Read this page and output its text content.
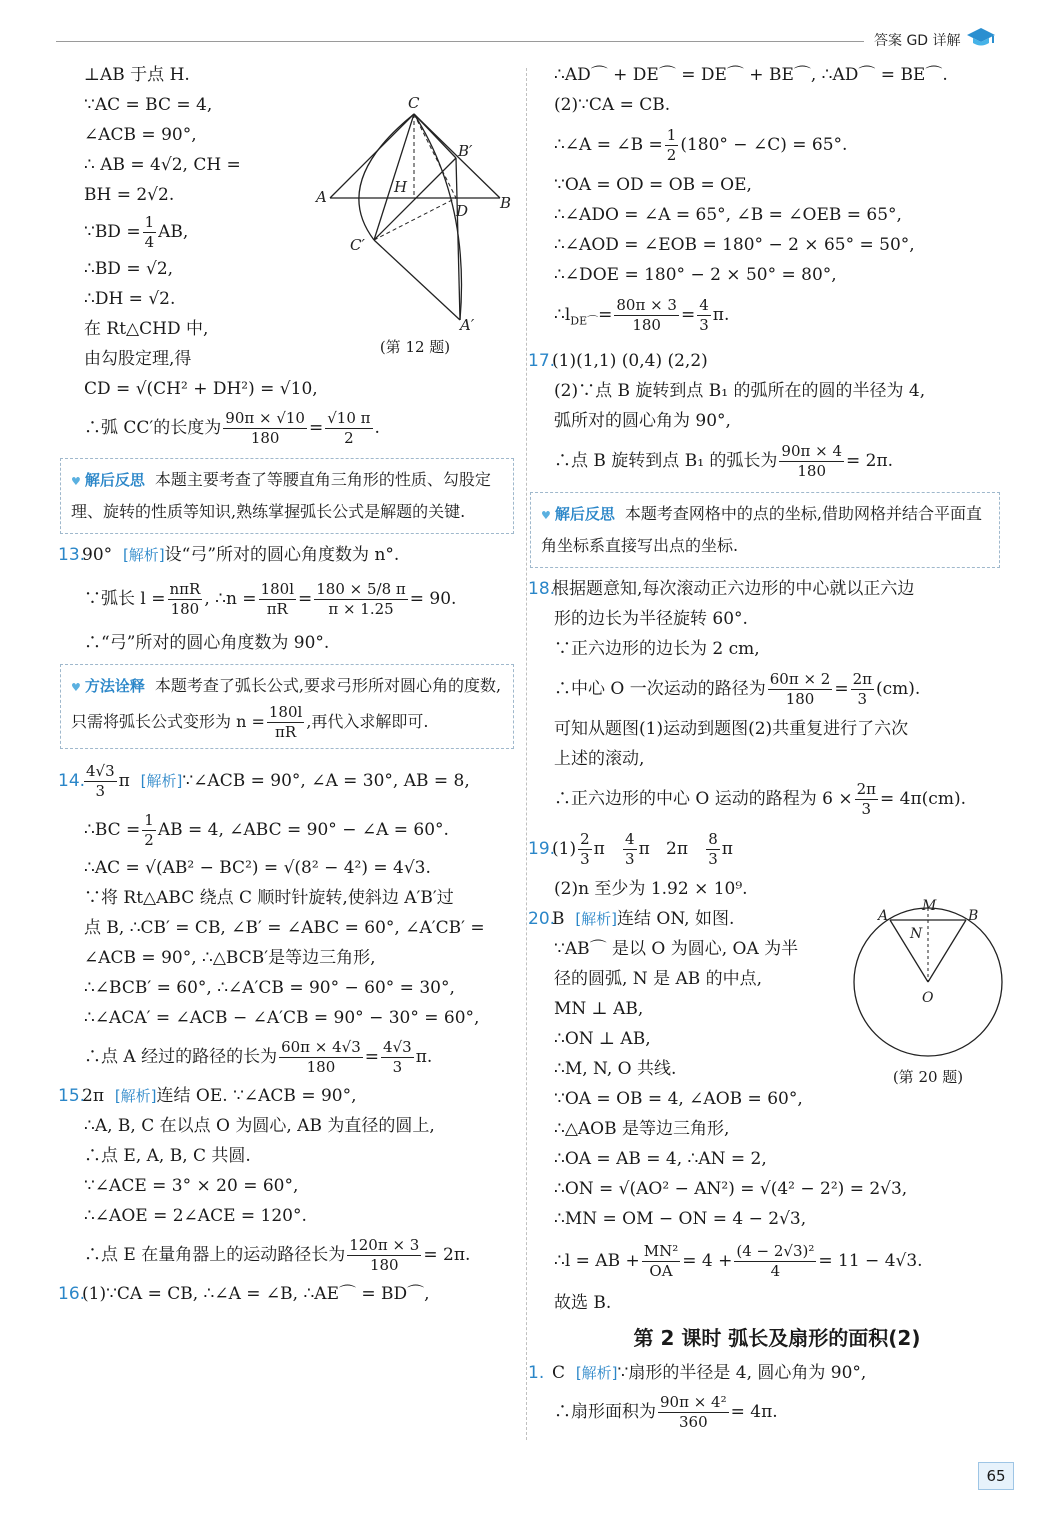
答案 GD 详解
⊥AB 于点 H.
∵AC = BC = 4,
∠ACB = 90°,
∴ AB = 4√2, CH =
BH = 2√2.
∵BD = $\frac{1}{4}$ AB,
∴BD = √2,
∴DH = √2.
在 Rt△CHD 中,
由勾股定理,得
CD = √(CH² + DH²) = √10,
∴弧 CC′的长度为 $\frac{90\pi \times √10}{180} = \frac{√10 \pi}{2}$ .
♥ 解后反思 本题主要考查了等腰直角三角形的性质、勾股定理、旋转的性质等知识,熟练掌握弧长公式是解题的关键.
13.90° [解析]设“弓”所对的圆心角度数为 n°.
∵弧长 $l = \frac{\text{nπR}}{180}$ , ∴n = $\frac{180l}{\pi R} = \frac{180 \times 5/8 \pi}{\pi \times 1.25} = 90$.
∴“弓”所对的圆心角度数为 90°.
♥ 方法诠释 本题考查了弧长公式,要求弓形所对圆心角的度数,只需将弧长公式变形为 $n = \frac{180l}{\pi R}$ ,再代入求解即可.
14.
$\frac{4√3}{3}$ π [解析]∵∠ACB = 90°, ∠A = 30°, AB = 8,
∴BC = $\frac{1}{2}$ AB = 4, ∠ABC = 90° − ∠A = 60°.
∴AC = √(AB² − BC²) = √(8² − 4²) = 4√3.
∵将 Rt△ABC 绕点 C 顺时针旋转,使斜边 A′B′过
点 B, ∴CB′ = CB, ∠B′ = ∠ABC = 60°, ∠A′CB′ =
∠ACB = 90°, ∴△BCB′是等边三角形,
∴∠BCB′ = 60°, ∴∠A′CB = 90° − 60° = 30°,
∴∠ACA′ = ∠ACB − ∠A′CB = 90° − 30° = 60°,
∴点 A 经过的路径的长为 $\frac{60\pi \times 4√3}{180} = \frac{4√3}{3} \pi$.
15.2π [解析]连结 OE. ∵∠ACB = 90°,
∴A, B, C 在以点 O 为圆心, AB 为直径的圆上,
∴点 E, A, B, C 共圆.
∵∠ACE = 3° × 20 = 60°,
∴∠AOE = 2∠ACE = 120°.
∴点 E 在量角器上的运动路径长为 $\frac{120\pi \times 3}{180} = 2\pi$.
16.(1)∵CA = CB, ∴∠A = ∠B, ∴AE⌒ = BD⌒,
C
B′
A
H
D B
C′
A′
(第 12 题)
∴AD⌒ + DE⌒ = DE⌒ + BE⌒, ∴AD⌒ = BE⌒.
(2)∵CA = CB.
∴∠A = ∠B = $\frac{1}{2} (180^\circ$ − ∠C) = 65°.
∵OA = OD = OB = OE,
∴∠ADO = ∠A = 65°, ∠B = ∠OEB = 65°,
∴∠AOD = ∠EOB = 180° − 2 × 65° = 50°,
∴∠DOE = 180° − 2 × 50° = 80°,
$\therefore l_{DE⌒}= \frac{80\pi \times 3}{180} = \frac{4}{3} \pi$.
17.(1)(1,1) (0,4) (2,2)
(2)∵点 B 旋转到点 B₁ 的弧所在的圆的半径为 4,
弧所对的圆心角为 90°,
∴点 B 旋转到点 B₁ 的弧长为 $\frac{90\pi \times 4}{180} = 2\pi$.
♥ 解后反思 本题考查网格中的点的坐标,借助网格并结合平面直角坐标系直接写出点的坐标.
18.根据题意知,每次滚动正六边形的中心就以正六边
形的边长为半径旋转 60°.
∵正六边形的边长为 2 cm,
∴中心 O 一次运动的路径为 $\frac{60\pi \times 2}{180} = \frac{2\pi}{3} (cm)$.
可知从题图(1)运动到题图(2)共重复进行了六次
上述的滚动,
∴正六边形的中心 O 运动的路程为 $6 \times \frac{2\pi}{3} = 4\pi(cm)$.
$19.(1) \frac{2}{3}$ π $\frac{4}{3}$ π $2\pi \frac{8}{3}$ π
(2)n 至少为 1.92 × 10⁹.
20.B [解析]连结 ON, 如图.
∵AB⌒ 是以 O 为圆心, OA 为半
径的圆弧, N 是 AB 的中点,
MN ⊥ AB,
∴ON ⊥ AB,
∴M, N, O 共线.
∵OA = OB = 4, ∠AOB = 60°,
∴△AOB 是等边三角形,
∴OA = AB = 4, ∴AN = 2,
∴ON = √(AO² − AN²) = √(4² − 2²) = 2√3,
∴MN = OM − ON = 4 − 2√3,
∴l = AB + $\frac{\text{MN²}}{OA} = 4 + \frac{\text{(4 − 2√3)²}}{4} = 11 - 4√3$.
故选 B.
第 2 课时 弧长及扇形的面积(2)
1. C [解析]∵扇形的半径是 4, 圆心角为 90°,
∴扇形面积为 $\frac{\text{90π × 4²}}{360} = 4\pi$.
A
M
B
N
O
(第 20 题)
65
